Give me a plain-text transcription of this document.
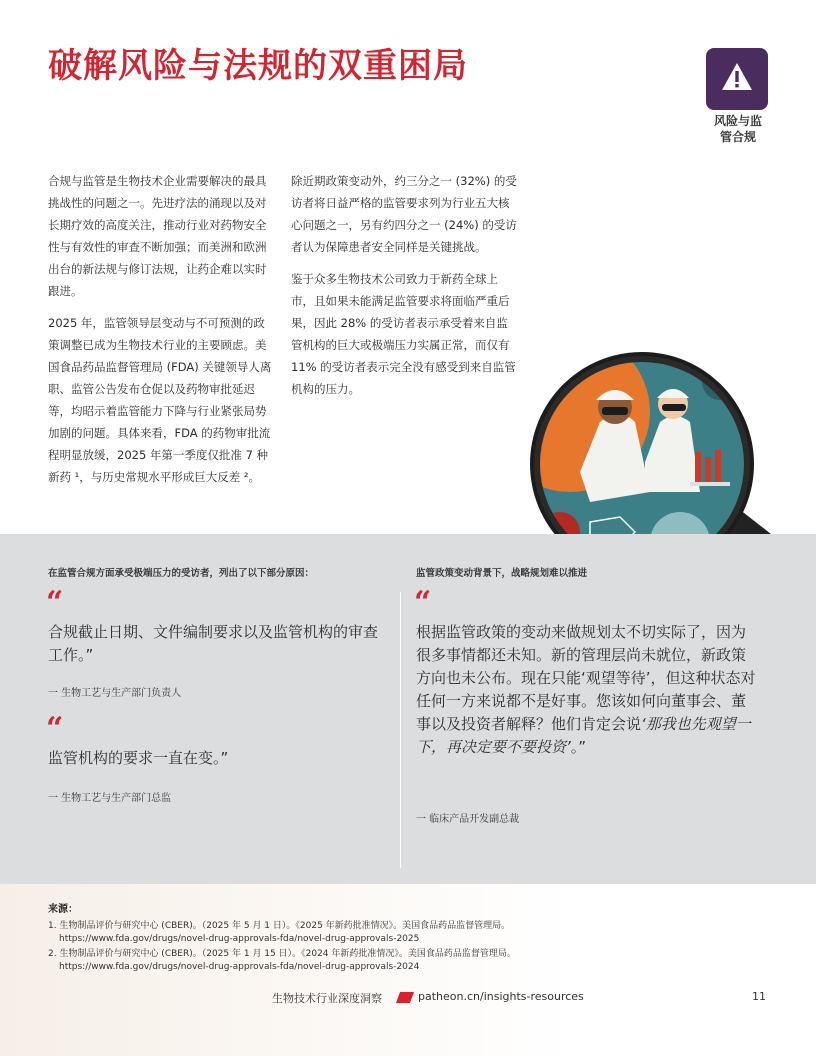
破解风险与法规的双重困局
风险与监
管合规

合规与监管是生物技术企业需要解决的最具挑战性的问题之一。先进疗法的涌现以及对长期疗效的高度关注，推动行业对药物安全性与有效性的审查不断加强；而美洲和欧洲出台的新法规与修订法规，让药企难以实时跟进。

2025 年，监管领导层变动与不可预测的政策调整已成为生物技术行业的主要顾虑。美国食品药品监督管理局 (FDA) 关键领导人离职、监管公告发布仓促以及药物审批延迟等，均昭示着监管能力下降与行业紧张局势加剧的问题。具体来看，FDA 的药物审批流程明显放缓，2025 年第一季度仅批准 7 种新药 ¹，与历史常规水平形成巨大反差 ²。

除近期政策变动外，约三分之一 (32%) 的受访者将日益严格的监管要求列为行业五大核心问题之一，另有约四分之一 (24%) 的受访者认为保障患者安全同样是关键挑战。

鉴于众多生物技术公司致力于新药全球上市，且如果未能满足监管要求将面临严重后果，因此 28% 的受访者表示承受着来自监管机构的巨大或极端压力实属正常，而仅有 11% 的受访者表示完全没有感受到来自监管机构的压力。

在监管合规方面承受极端压力的受访者，列出了以下部分原因：	监管政策变动背景下，战略规划难以推进
“
合规截止日期、文件编制要求以及监管机构的审查工作。”
一 生物工艺与生产部门负责人
“
监管机构的要求一直在变。”
一 生物工艺与生产部门总监
“
根据监管政策的变动来做规划太不切实际了，因为很多事情都还未知。新的管理层尚未就位，新政策方向也未公布。现在只能‘观望等待’，但这种状态对任何一方来说都不是好事。您该如何向董事会、董事以及投资者解释？他们肯定会说‘那我也先观望一下，再决定要不要投资’。”
一 临床产品开发副总裁
来源：
1. 生物制品评价与研究中心 (CBER)。（2025 年 5 月 1 日）。《2025 年新药批准情况》。美国食品药品监督管理局。
https://www.fda.gov/drugs/novel-drug-approvals-fda/novel-drug-approvals-2025
2. 生物制品评价与研究中心 (CBER)。（2025 年 1 月 15 日）。《2024 年新药批准情况》。美国食品药品监督管理局。
https://www.fda.gov/drugs/novel-drug-approvals-fda/novel-drug-approvals-2024
生物技术行业深度洞察	patheon.cn/insights-resources	11
